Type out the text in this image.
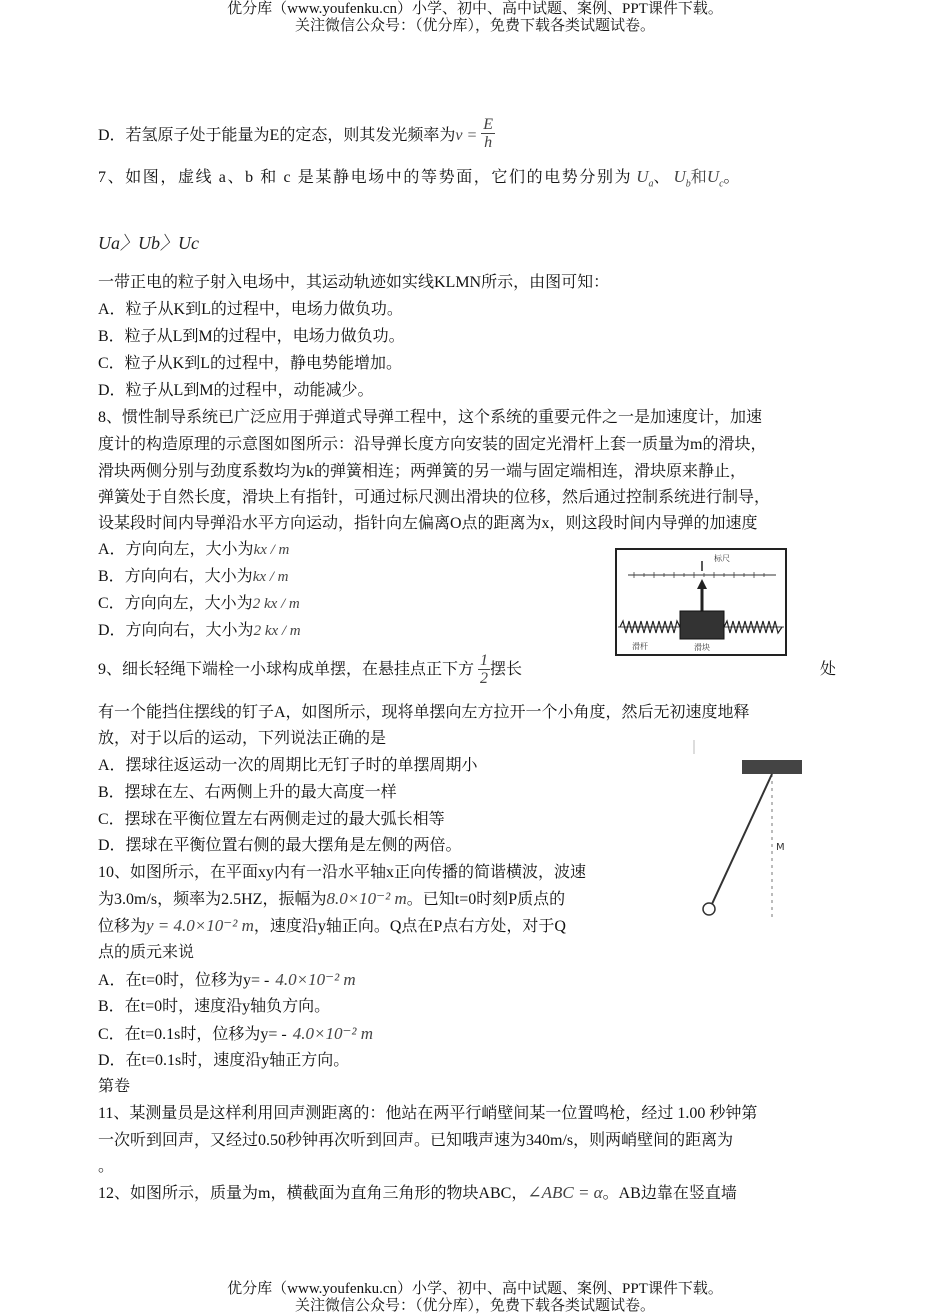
优分库（www.youfenku.cn）小学、初中、高中试题、案例、PPT课件下载。
关注微信公众号：（优分库），免费下载各类试题试卷。
D．若氢原子处于能量为E的定态，则其发光频率为$\nu = \frac{E}{h}$
7、如图，虚线 a、b 和 c 是某静电场中的等势面，它们的电势分别为 $U_a$、 $U_b$和$U_c$。
Ua〉Ub〉Uc
一带正电的粒子射入电场中，其运动轨迹如实线KLMN所示，由图可知：
A．粒子从K到L的过程中，电场力做负功。
B．粒子从L到M的过程中，电场力做负功。
C．粒子从K到L的过程中，静电势能增加。
D．粒子从L到M的过程中，动能减少。
8、惯性制导系统已广泛应用于弹道式导弹工程中，这个系统的重要元件之一是加速度计，加速
度计的构造原理的示意图如图所示：沿导弹长度方向安装的固定光滑杆上套一质量为m的滑块，
滑块两侧分别与劲度系数均为k的弹簧相连；两弹簧的另一端与固定端相连，滑块原来静止，
弹簧处于自然长度，滑块上有指针，可通过标尺测出滑块的位移，然后通过控制系统进行制导，
设某段时间内导弹沿水平方向运动，指针向左偏离O点的距离为x，则这段时间内导弹的加速度
A．方向向左，大小为kx / m
B．方向向右，大小为kx / m
C．方向向左，大小为2 kx / m
D．方向向右，大小为2 kx / m
标尺
滑杆	滑块
9、细长轻绳下端栓一小球构成单摆，在悬挂点正下方 $\frac{1}{2}$ 摆长	处
有一个能挡住摆线的钉子A，如图所示，现将单摆向左方拉开一个小角度，然后无初速度地释
放，对于以后的运动，下列说法正确的是
A．摆球往返运动一次的周期比无钉子时的单摆周期小
B．摆球在左、右两侧上升的最大高度一样
C．摆球在平衡位置左右两侧走过的最大弧长相等
D．摆球在平衡位置右侧的最大摆角是左侧的两倍。	M
10、如图所示，在平面xy内有一沿水平轴x正向传播的简谐横波，波速
为3.0m/s，频率为2.5HZ，振幅为8.0×10⁻² m。已知t=0时刻P质点的
位移为y = 4.0×10⁻² m，速度沿y轴正向。Q点在P点右方处，对于Q
点的质元来说
A．在t=0时，位移为y= - 4.0×10⁻² m
B．在t=0时，速度沿y轴负方向。
C．在t=0.1s时，位移为y= - 4.0×10⁻² m
D．在t=0.1s时，速度沿y轴正方向。
第卷
11、某测量员是这样利用回声测距离的：他站在两平行峭壁间某一位置鸣枪，经过 1.00 秒钟第
一次听到回声，又经过0.50秒钟再次听到回声。已知哦声速为340m/s，则两峭壁间的距离为
。
12、如图所示，质量为m，横截面为直角三角形的物块ABC，∠ABC = α。AB边靠在竖直墙
优分库（www.youfenku.cn）小学、初中、高中试题、案例、PPT课件下载。
关注微信公众号：（优分库），免费下载各类试题试卷。
